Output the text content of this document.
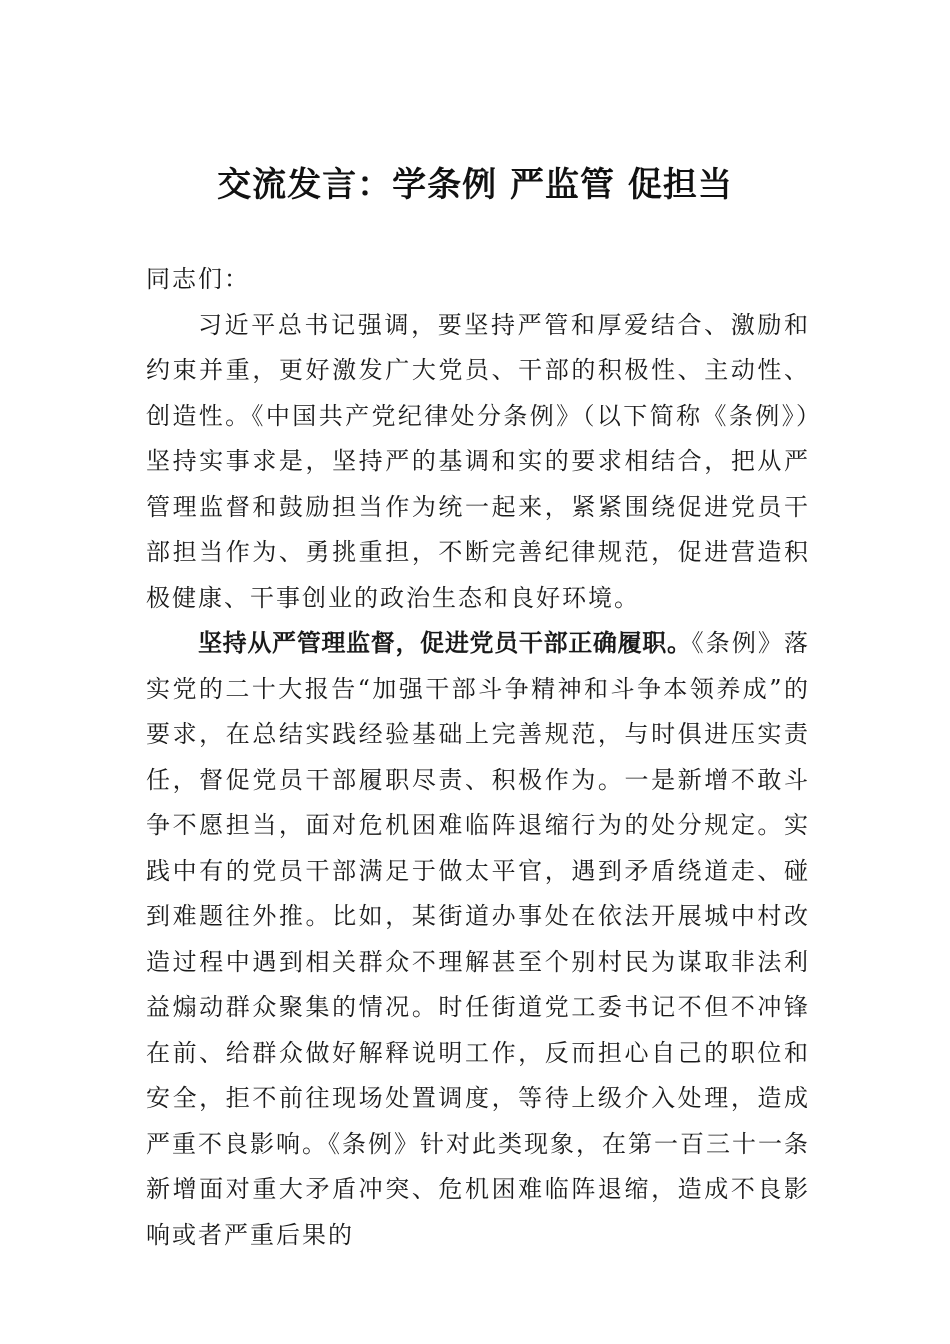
交流发言：学条例 严监管 促担当

同志们：

习近平总书记强调，要坚持严管和厚爱结合、激励和约束并重，更好激发广大党员、干部的积极性、主动性、创造性。《中国共产党纪律处分条例》（以下简称《条例》）坚持实事求是，坚持严的基调和实的要求相结合，把从严管理监督和鼓励担当作为统一起来，紧紧围绕促进党员干部担当作为、勇挑重担，不断完善纪律规范，促进营造积极健康、干事创业的政治生态和良好环境。

坚持从严管理监督，促进党员干部正确履职。《条例》落实党的二十大报告“加强干部斗争精神和斗争本领养成”的要求，在总结实践经验基础上完善规范，与时俱进压实责任，督促党员干部履职尽责、积极作为。一是新增不敢斗争不愿担当，面对危机困难临阵退缩行为的处分规定。实践中有的党员干部满足于做太平官，遇到矛盾绕道走、碰到难题往外推。比如，某街道办事处在依法开展城中村改造过程中遇到相关群众不理解甚至个别村民为谋取非法利益煽动群众聚集的情况。时任街道党工委书记不但不冲锋在前、给群众做好解释说明工作，反而担心自己的职位和安全，拒不前往现场处置调度，等待上级介入处理，造成严重不良影响。《条例》针对此类现象，在第一百三十一条新增面对重大矛盾冲突、危机困难临阵退缩，造成不良影响或者严重后果的
